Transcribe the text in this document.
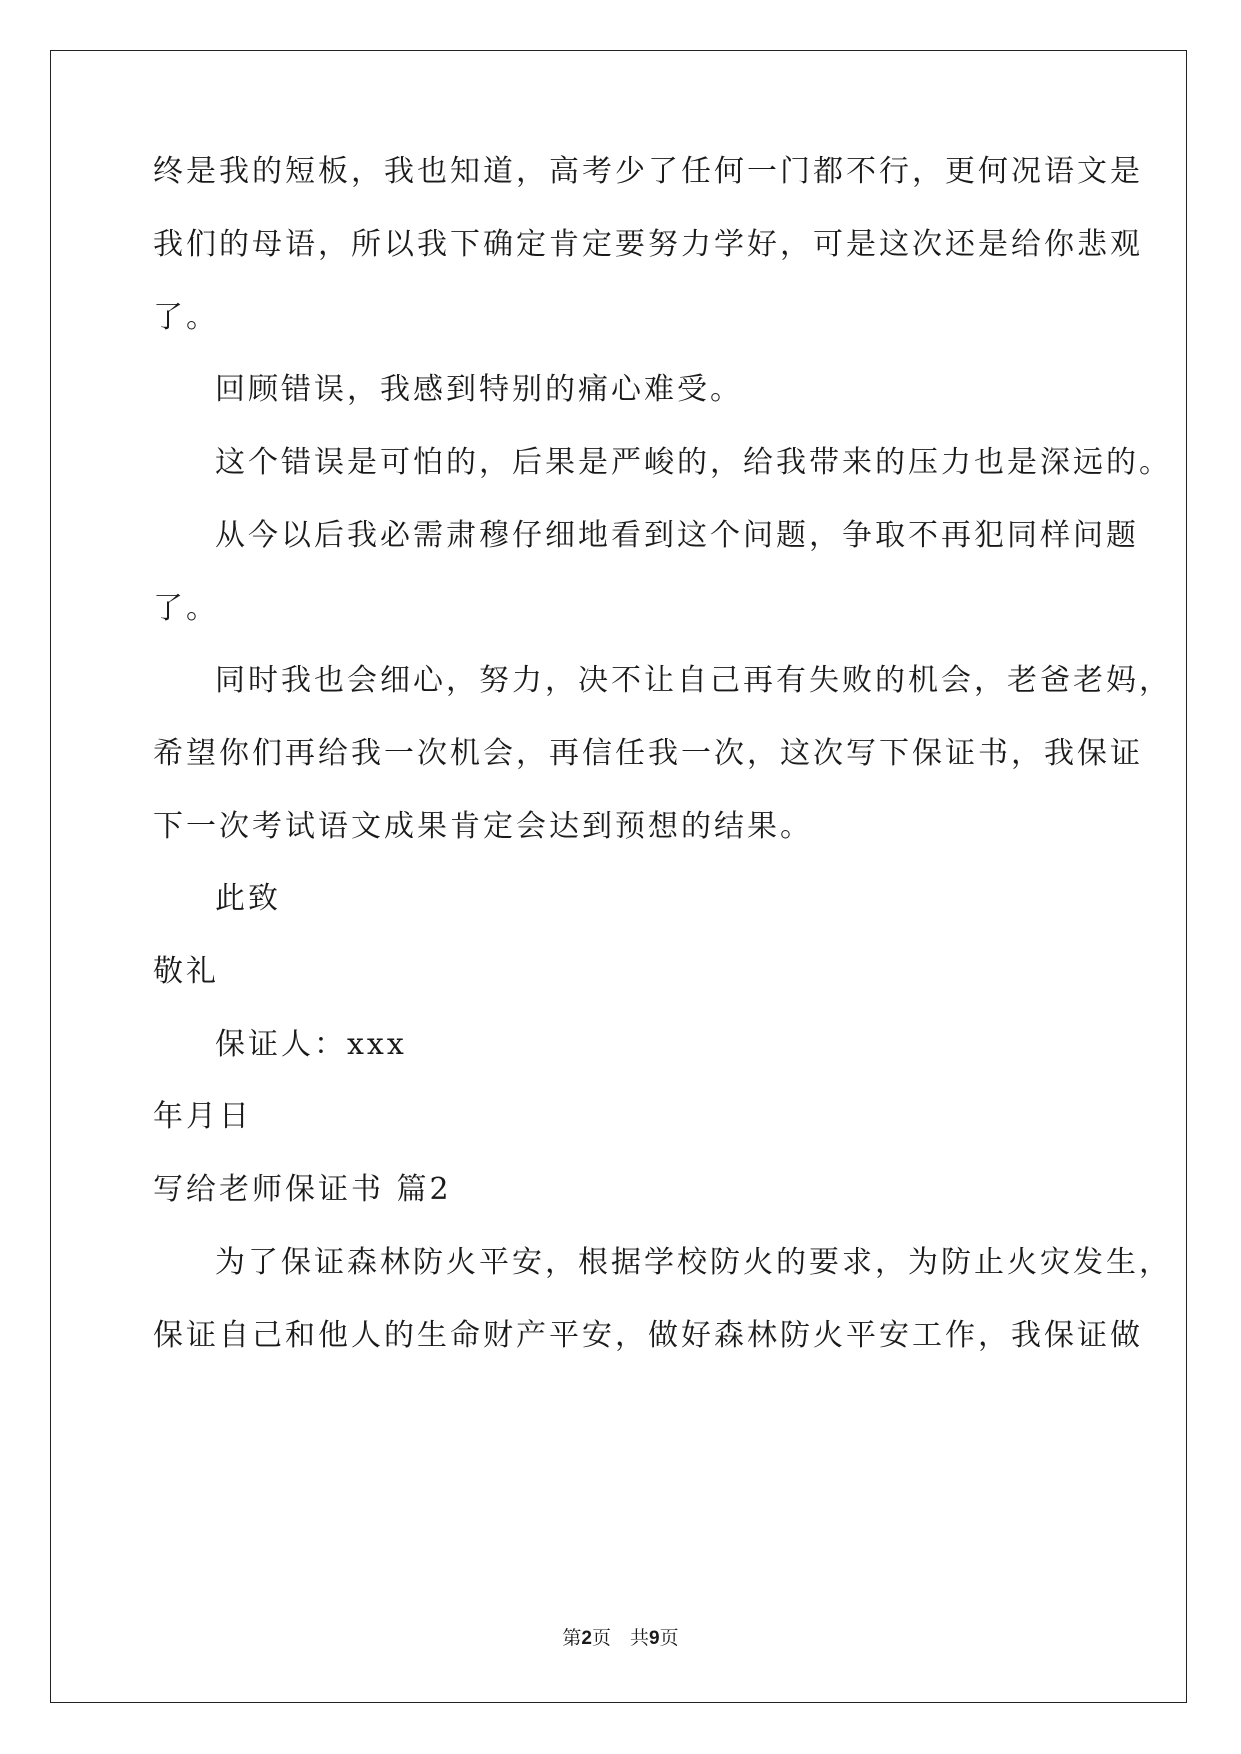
终是我的短板，我也知道，高考少了任何一门都不行，更何况语文是
我们的母语，所以我下确定肯定要努力学好，可是这次还是给你悲观
了。
回顾错误，我感到特别的痛心难受。
这个错误是可怕的，后果是严峻的，给我带来的压力也是深远的。
从今以后我必需肃穆仔细地看到这个问题，争取不再犯同样问题
了。
同时我也会细心，努力，决不让自己再有失败的机会，老爸老妈，
希望你们再给我一次机会，再信任我一次，这次写下保证书，我保证
下一次考试语文成果肯定会达到预想的结果。
此致
敬礼
保证人：xxx
年月日
写给老师保证书 篇2
为了保证森林防火平安，根据学校防火的要求，为防止火灾发生，
保证自己和他人的生命财产平安，做好森林防火平安工作，我保证做
第2页　共9页
